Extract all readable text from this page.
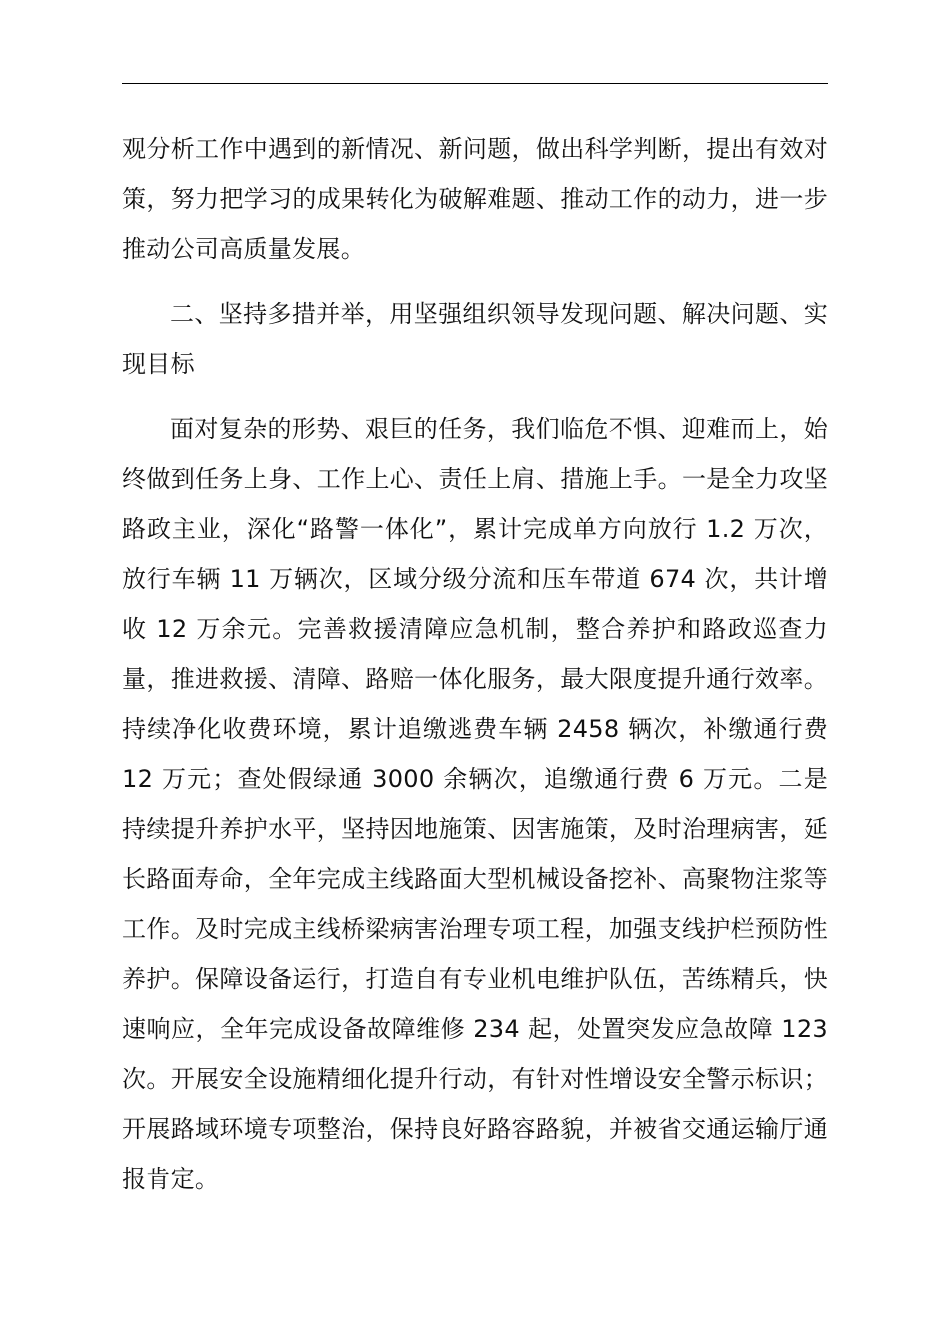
观分析工作中遇到的新情况、新问题，做出科学判断，提出有效对策，努力把学习的成果转化为破解难题、推动工作的动力，进一步推动公司高质量发展。

二、坚持多措并举，用坚强组织领导发现问题、解决问题、实现目标

面对复杂的形势、艰巨的任务，我们临危不惧、迎难而上，始终做到任务上身、工作上心、责任上肩、措施上手。一是全力攻坚路政主业，深化“路警一体化”，累计完成单方向放行 1.2 万次，放行车辆 11 万辆次，区域分级分流和压车带道 674 次，共计增收 12 万余元。完善救援清障应急机制，整合养护和路政巡查力量，推进救援、清障、路赔一体化服务，最大限度提升通行效率。持续净化收费环境，累计追缴逃费车辆 2458 辆次，补缴通行费 12 万元；查处假绿通 3000 余辆次，追缴通行费 6 万元。二是持续提升养护水平，坚持因地施策、因害施策，及时治理病害，延长路面寿命，全年完成主线路面大型机械设备挖补、高聚物注浆等工作。及时完成主线桥梁病害治理专项工程，加强支线护栏预防性养护。保障设备运行，打造自有专业机电维护队伍，苦练精兵，快速响应，全年完成设备故障维修 234 起，处置突发应急故障 123 次。开展安全设施精细化提升行动，有针对性增设安全警示标识；开展路域环境专项整治，保持良好路容路貌，并被省交通运输厅通报肯定。
